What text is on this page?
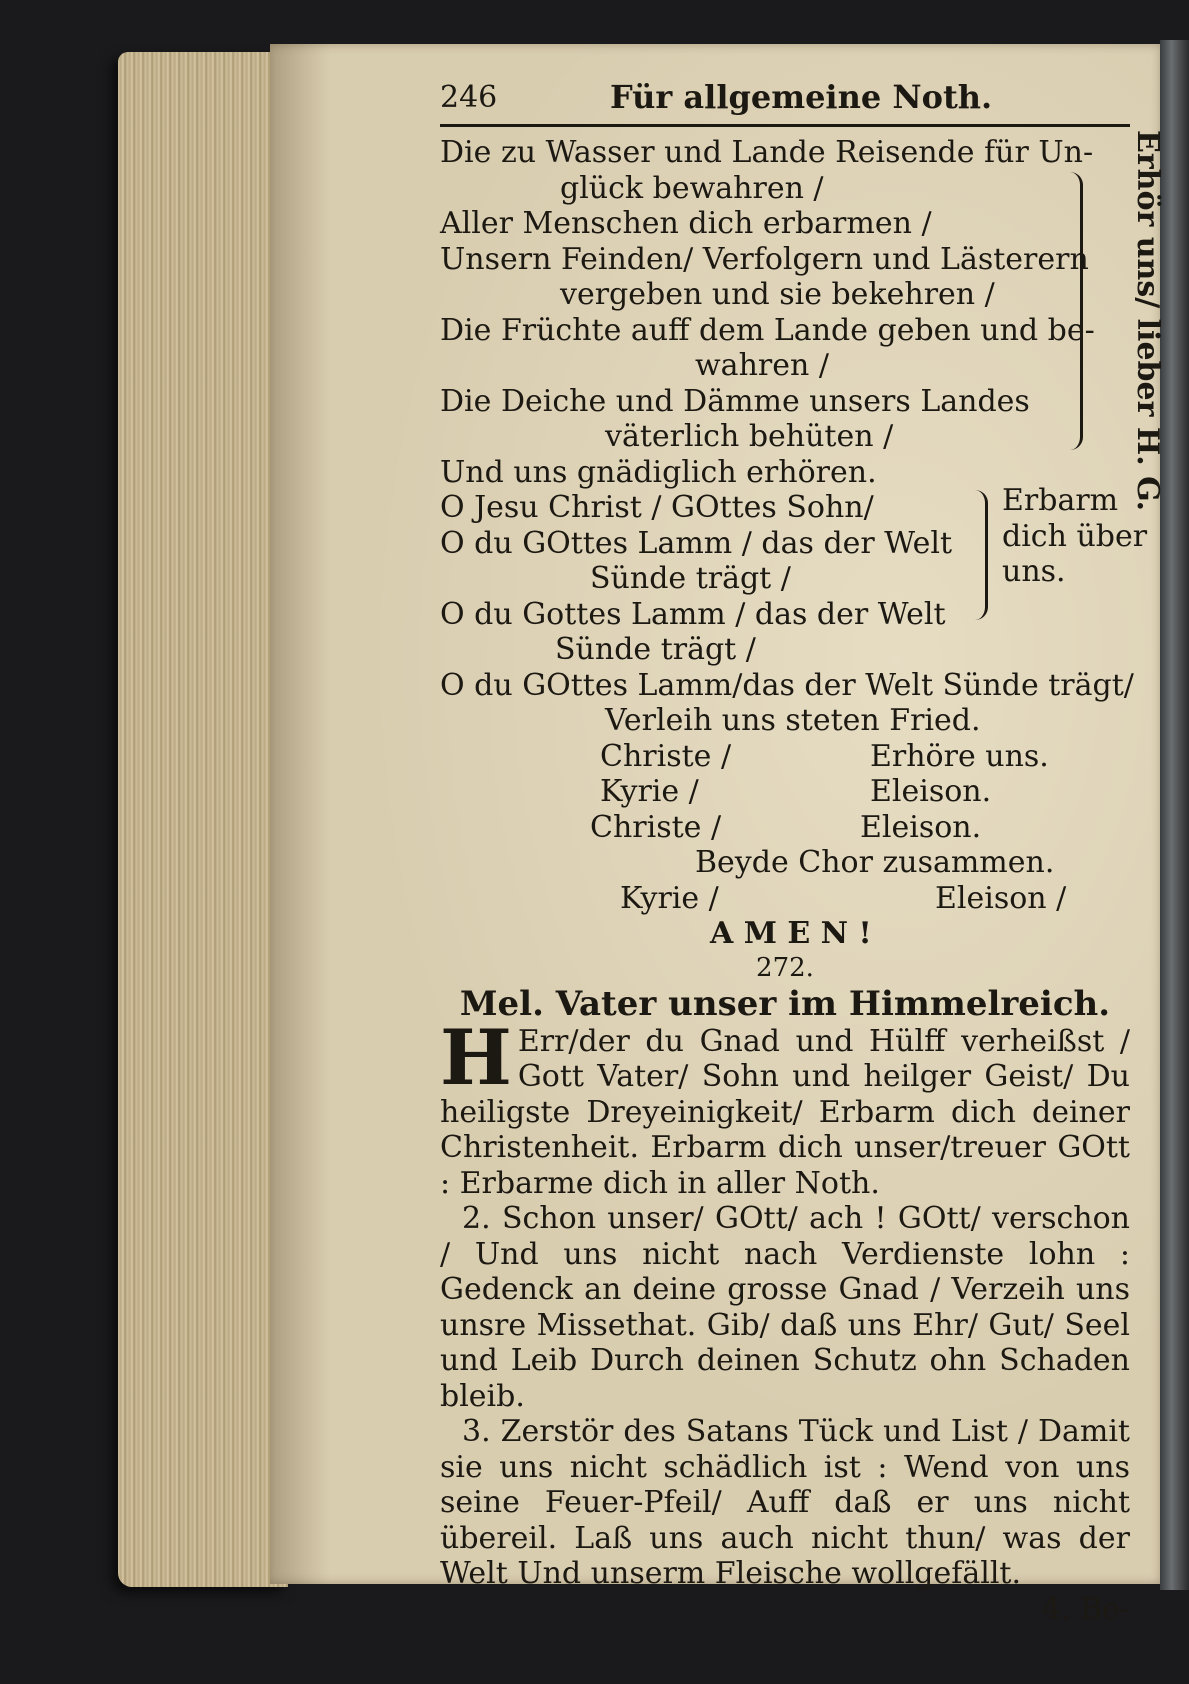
246	Für allgemeine Noth.
Die zu Wasser und Lande Reisende für Un-
glück bewahren /
Aller Menschen dich erbarmen /
Unsern Feinden/ Verfolgern und Lästerern
vergeben und sie bekehren /
Die Früchte auff dem Lande geben und be-
wahren /
Die Deiche und Dämme unsers Landes
väterlich behüten /
Und uns gnädiglich erhören.
O Jesu Christ / GOttes Sohn/
O du GOttes Lamm / das der Welt
Sünde trägt /
O du Gottes Lamm / das der Welt
Sünde trägt /
O du GOttes Lamm/das der Welt Sünde trägt/
Verleih uns steten Fried.
Christe /	Erhöre uns.
Kyrie /	Eleison.
Christe /	Eleison.
Beyde Chor zusammen.
Kyrie /	Eleison /
A M E N !
272.
Mel. Vater unser im Himmelreich.
H Err/der du Gnad und Hülff verheißst / Gott Vater/ Sohn und heilger Geist/ Du heiligste Dreyeinigkeit/ Erbarm dich deiner Christenheit. Erbarm dich unser/treuer GOtt : Erbarme dich in aller Noth.
2. Schon unser/ GOtt/ ach ! GOtt/ verschon / Und uns nicht nach Verdienste lohn : Gedenck an deine grosse Gnad / Verzeih uns unsre Missethat. Gib/ daß uns Ehr/ Gut/ Seel und Leib Durch deinen Schutz ohn Schaden bleib.
3. Zerstör des Satans Tück und List / Damit sie uns nicht schädlich ist : Wend von uns seine Feuer-Pfeil/ Auff daß er uns nicht übereil. Laß uns auch nicht thun/ was der Welt Und unserm Fleische wollgefällt.
4. Be-
Erhör uns/ lieber H. G.
Erbarm
dich über
uns.
